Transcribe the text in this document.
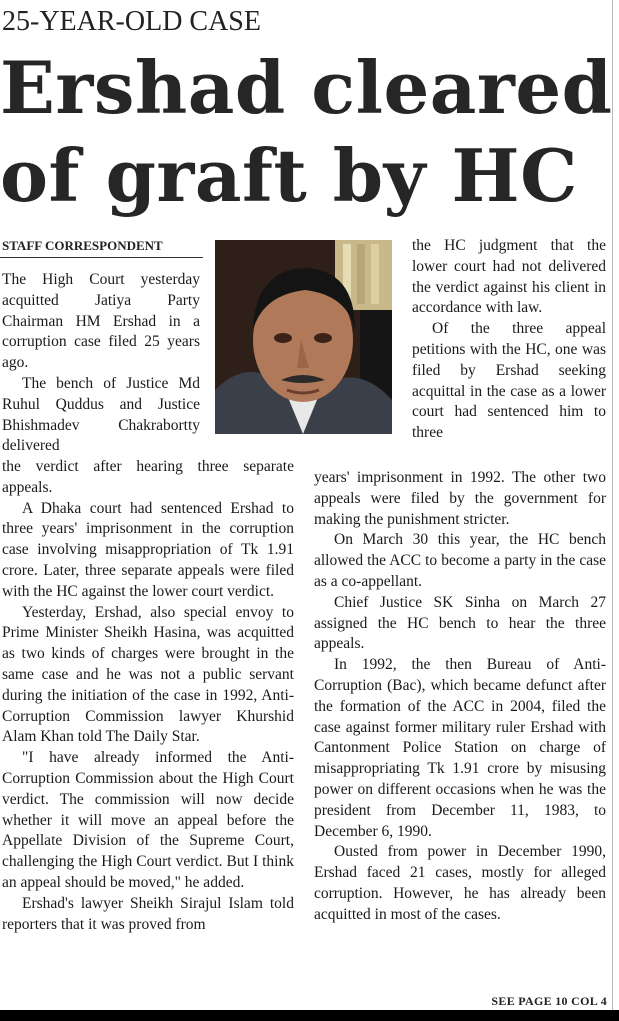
25-YEAR-OLD CASE
Ershad cleared
of graft by HC
STAFF CORRESPONDENT

The High Court yesterday acquitted Jatiya Party Chairman HM Ershad in a corruption case filed 25 years ago.

The bench of Justice Md Ruhul Quddus and Justice Bhishmadev Chakrabortty delivered

the verdict after hearing three separate appeals.

A Dhaka court had sentenced Ershad to three years' imprisonment in the corruption case involving misappropriation of Tk 1.91 crore. Later, three separate appeals were filed with the HC against the lower court verdict.

Yesterday, Ershad, also special envoy to Prime Minister Sheikh Hasina, was acquitted as two kinds of charges were brought in the same case and he was not a public servant during the initiation of the case in 1992, Anti-Corruption Commission lawyer Khurshid Alam Khan told The Daily Star.

"I have already informed the Anti-Corruption Commission about the High Court verdict. The commission will now decide whether it will move an appeal before the Appellate Division of the Supreme Court, challenging the High Court verdict. But I think an appeal should be moved," he added.

Ershad's lawyer Sheikh Sirajul Islam told reporters that it was proved from

the HC judgment that the lower court had not delivered the verdict against his client in accordance with law.

Of the three appeal petitions with the HC, one was filed by Ershad seeking acquittal in the case as a lower court had sentenced him to three

years' imprisonment in 1992. The other two appeals were filed by the government for making the punishment stricter.

On March 30 this year, the HC bench allowed the ACC to become a party in the case as a co-appellant.

Chief Justice SK Sinha on March 27 assigned the HC bench to hear the three appeals.

In 1992, the then Bureau of Anti-Corruption (Bac), which became defunct after the formation of the ACC in 2004, filed the case against former military ruler Ershad with Cantonment Police Station on charge of misappropriating Tk 1.91 crore by misusing power on different occasions when he was the president from December 11, 1983, to December 6, 1990.

Ousted from power in December 1990, Ershad faced 21 cases, mostly for alleged corruption. However, he has already been acquitted in most of the cases.

SEE PAGE 10 COL 4
